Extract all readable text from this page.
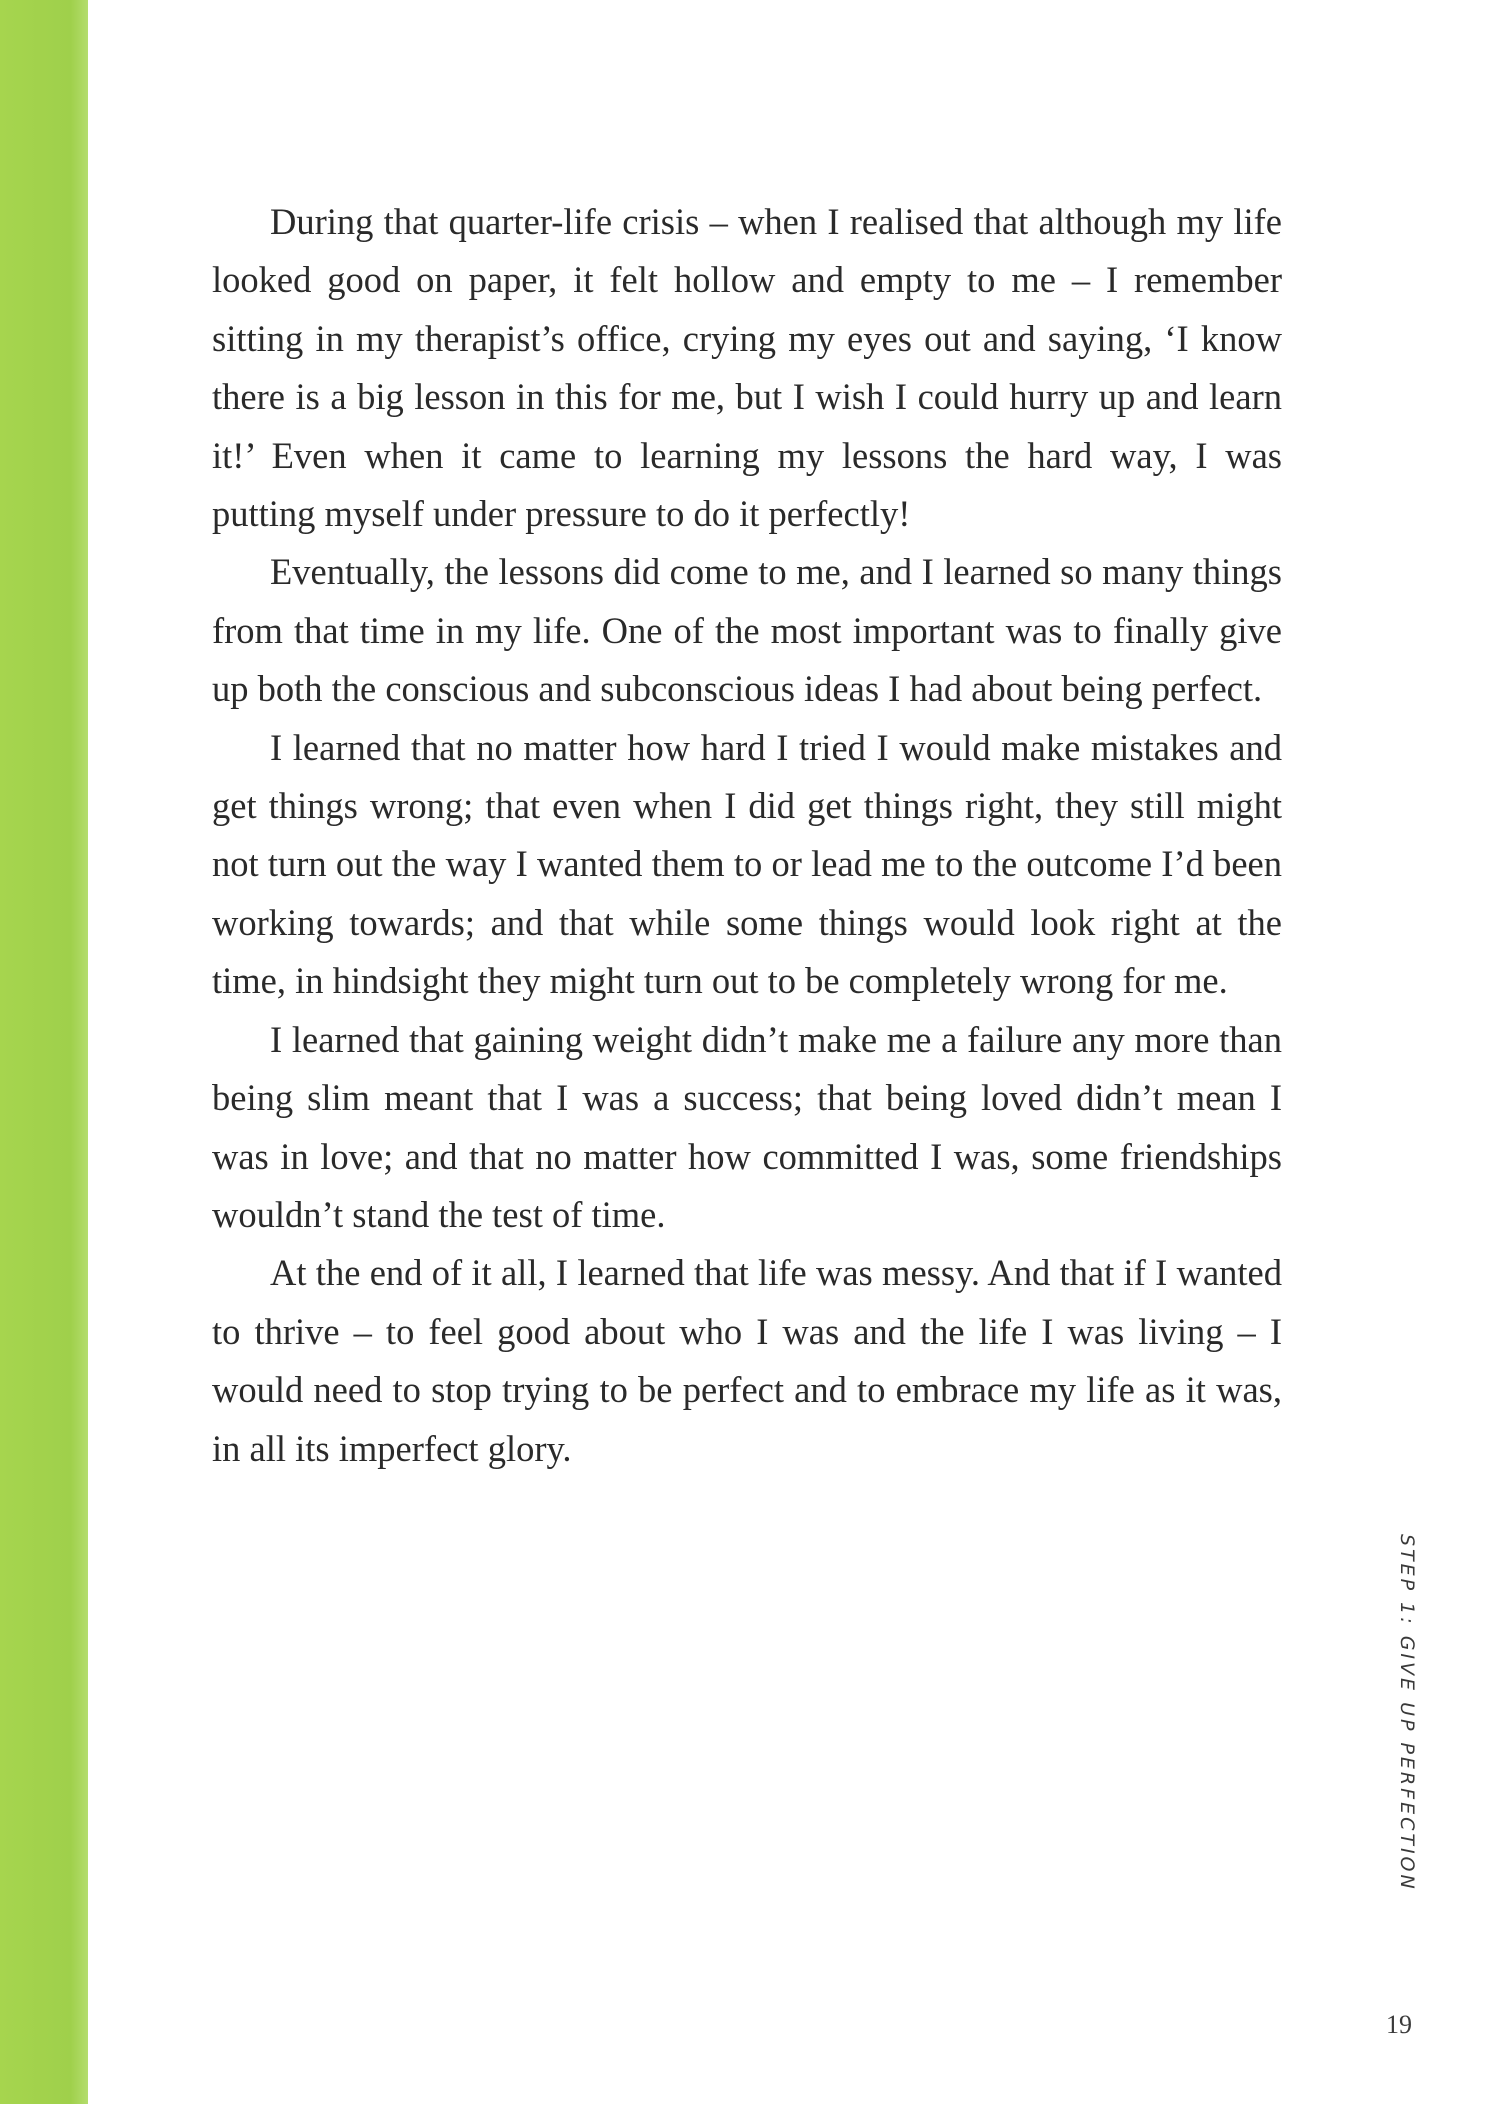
During that quarter-life crisis – when I realised that although my life looked good on paper, it felt hollow and empty to me – I remember sitting in my therapist’s office, crying my eyes out and saying, ‘I know there is a big lesson in this for me, but I wish I could hurry up and learn it!’ Even when it came to learning my lessons the hard way, I was putting myself under pressure to do it perfectly!

Eventually, the lessons did come to me, and I learned so many things from that time in my life. One of the most important was to finally give up both the conscious and subconscious ideas I had about being perfect.

I learned that no matter how hard I tried I would make mistakes and get things wrong; that even when I did get things right, they still might not turn out the way I wanted them to or lead me to the outcome I’d been working towards; and that while some things would look right at the time, in hindsight they might turn out to be completely wrong for me.

I learned that gaining weight didn’t make me a failure any more than being slim meant that I was a success; that being loved didn’t mean I was in love; and that no matter how committed I was, some friendships wouldn’t stand the test of time.

At the end of it all, I learned that life was messy. And that if I wanted to thrive – to feel good about who I was and the life I was living – I would need to stop trying to be perfect and to embrace my life as it was, in all its imperfect glory.

STEP 1: GIVE UP PERFECTION
19
